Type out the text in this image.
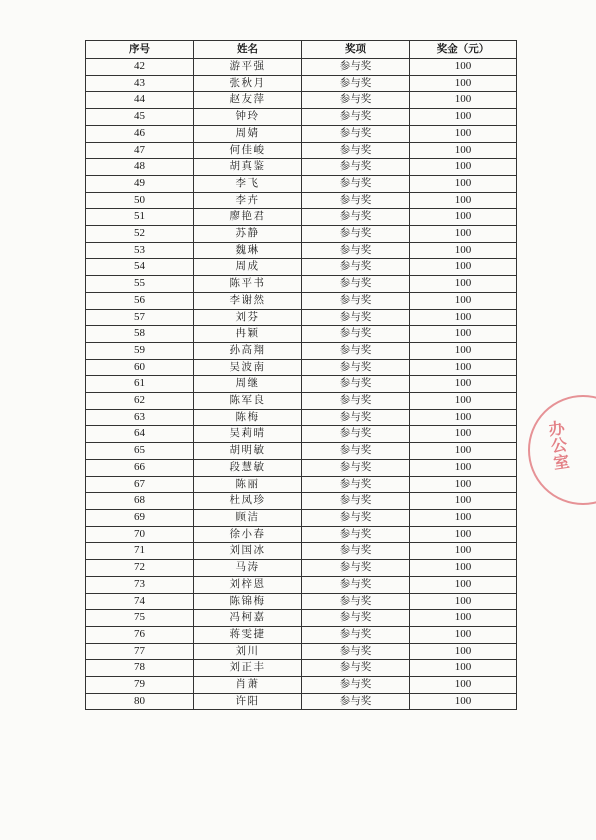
序号	姓名	奖项	奖金（元）
42	游平强	参与奖	100
43	张秋月	参与奖	100
44	赵友萍	参与奖	100
45	钟玲	参与奖	100
46	周婧	参与奖	100
47	何佳峻	参与奖	100
48	胡真鉴	参与奖	100
49	李飞	参与奖	100
50	李卉	参与奖	100
51	廖艳君	参与奖	100
52	苏静	参与奖	100
53	魏琳	参与奖	100
54	周成	参与奖	100
55	陈平书	参与奖	100
56	李谢然	参与奖	100
57	刘芬	参与奖	100
58	冉颖	参与奖	100
59	孙高翔	参与奖	100
60	吴波南	参与奖	100
61	周继	参与奖	100
62	陈军良	参与奖	100
63	陈梅	参与奖	100
64	吴莉晴	参与奖	100
65	胡明敏	参与奖	100
66	段慧敏	参与奖	100
67	陈丽	参与奖	100
68	杜凤珍	参与奖	100
69	顾洁	参与奖	100
70	徐小春	参与奖	100
71	刘国冰	参与奖	100
72	马涛	参与奖	100
73	刘梓恩	参与奖	100
74	陈锦梅	参与奖	100
75	冯柯嘉	参与奖	100
76	蒋雯捷	参与奖	100
77	刘川	参与奖	100
78	刘正丰	参与奖	100
79	肖萧	参与奖	100
80	许阳	参与奖	100
办公室
